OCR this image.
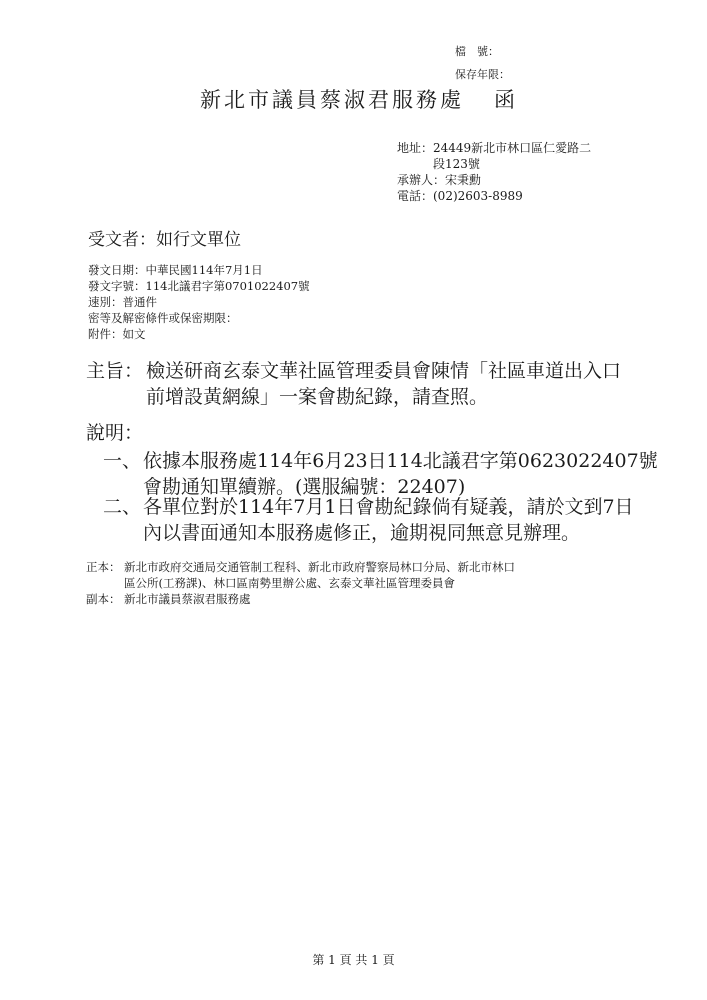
檔　號：
保存年限：
新北市議員蔡淑君服務處 函
地址：24449新北市林口區仁愛路二
段123號
承辦人：宋秉勳
電話：(02)2603-8989
受文者：如行文單位
發文日期：中華民國114年7月1日
發文字號：114北議君字第0701022407號
速別：普通件
密等及解密條件或保密期限：
附件：如文
主旨： 檢送研商玄泰文華社區管理委員會陳情「社區車道出入口
前增設黃網線」一案會勘紀錄，請查照。
說明：
一、 依據本服務處114年6月23日114北議君字第0623022407號
會勘通知單續辦。(選服編號：22407)
二、 各單位對於114年7月1日會勘紀錄倘有疑義，請於文到7日
內以書面通知本服務處修正，逾期視同無意見辦理。
正本： 新北市政府交通局交通管制工程科、新北市政府警察局林口分局、新北市林口
區公所(工務課)、林口區南勢里辦公處、玄泰文華社區管理委員會
副本： 新北市議員蔡淑君服務處
第 1 頁 共 1 頁
